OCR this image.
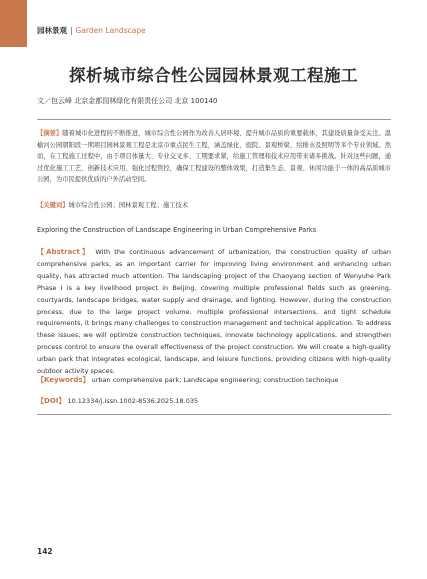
园林景观 | Garden Landscape
探析城市综合性公园园林景观工程施工
文／包云峰 北京金都园林绿化有限责任公司 北京 100140
【摘要】随着城市化进程的不断推进，城市综合性公园作为改善人居环境、提升城市品质的重要载体，其建设质量备受关注。温榆河公园朝阳段一期项目园林景观工程是北京市重点民生工程，涵盖绿化、庭院、景观桥梁、给排水及照明等多个专业领域。然而，在工程施工过程中，由于项目体量大、专业交叉多、工期要求紧，给施工管理和技术应用带来诸多挑战。针对这些问题，通过优化施工工艺、创新技术应用、强化过程管控，确保工程建设的整体效果，打造集生态、景观、休闲功能于一体的高品质城市公园，为市民提供优质的户外活动空间。
【关键词】城市综合性公园；园林景观工程；施工技术
Exploring the Construction of Landscape Engineering in Urban Comprehensive Parks
【Abstract】 With the continuous advancement of urbanization, the construction quality of urban comprehensive parks, as an important carrier for improving living environment and enhancing urban quality, has attracted much attention. The landscaping project of the Chaoyang section of Wenyuhe Park Phase I is a key livelihood project in Beijing, covering multiple professional fields such as greening, courtyards, landscape bridges, water supply and drainage, and lighting. However, during the construction process, due to the large project volume, multiple professional intersections, and tight schedule requirements, it brings many challenges to construction management and technical application. To address these issues, we will optimize construction techniques, innovate technology applications, and strengthen process control to ensure the overall effectiveness of the project construction. We will create a high-quality urban park that integrates ecological, landscape, and leisure functions, providing citizens with high-quality outdoor activity spaces.
【Keywords】 urban comprehensive park; Landscape engineering; construction technique
【DOI】 10.12334/j.issn.1002-8536.2025.18.035
142
